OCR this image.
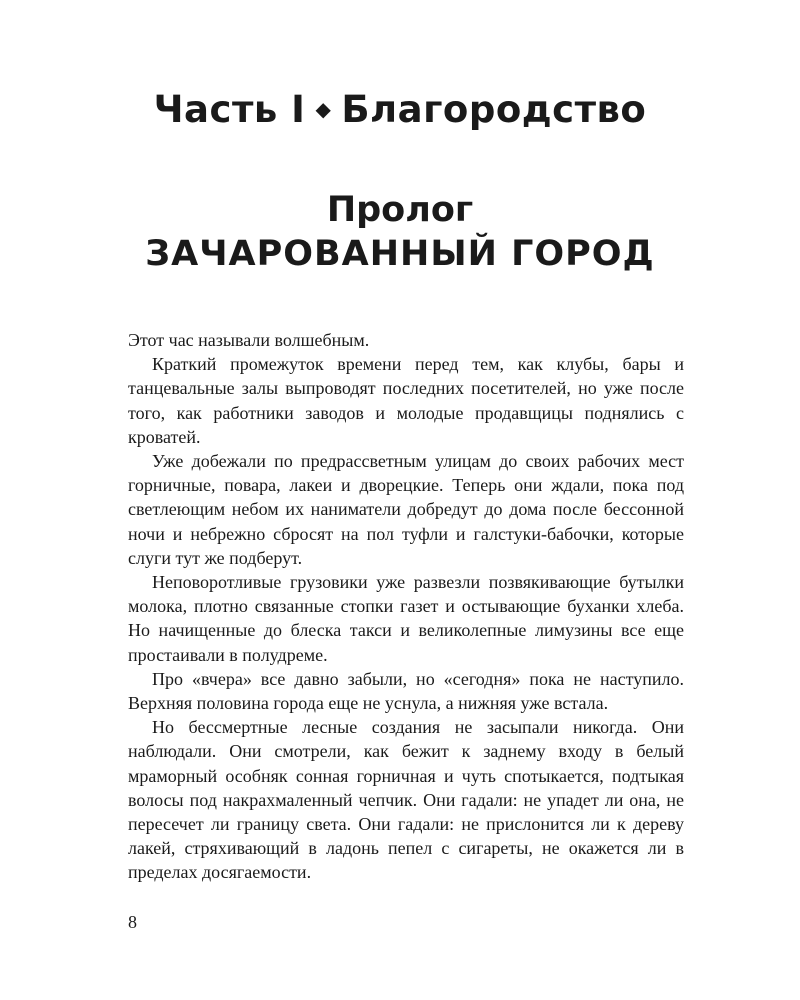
Часть I ◆ Благородство
Пролог
ЗАЧАРОВАННЫЙ ГОРОД

Этот час называли волшебным.

Краткий промежуток времени перед тем, как клубы, бары и танцевальные залы выпроводят последних посетителей, но уже после того, как работники заводов и молодые продавщицы поднялись с кроватей.

Уже добежали по предрассветным улицам до своих рабочих мест горничные, повара, лакеи и дворецкие. Теперь они ждали, пока под светлеющим небом их наниматели добредут до дома после бессонной ночи и небрежно сбросят на пол туфли и галстуки-бабочки, которые слуги тут же подберут.

Неповоротливые грузовики уже развезли позвякивающие бутылки молока, плотно связанные стопки газет и остывающие буханки хлеба. Но начищенные до блеска такси и великолепные лимузины все еще простаивали в полудреме.

Про «вчера» все давно забыли, но «сегодня» пока не наступило. Верхняя половина города еще не уснула, а нижняя уже встала.

Но бессмертные лесные создания не засыпали никогда. Они наблюдали. Они смотрели, как бежит к заднему входу в белый мраморный особняк сонная горничная и чуть спотыкается, подтыкая волосы под накрахмаленный чепчик. Они гадали: не упадет ли она, не пересечет ли границу света. Они гадали: не прислонится ли к дереву лакей, стряхивающий в ладонь пепел с сигареты, не окажется ли в пределах досягаемости.

8
